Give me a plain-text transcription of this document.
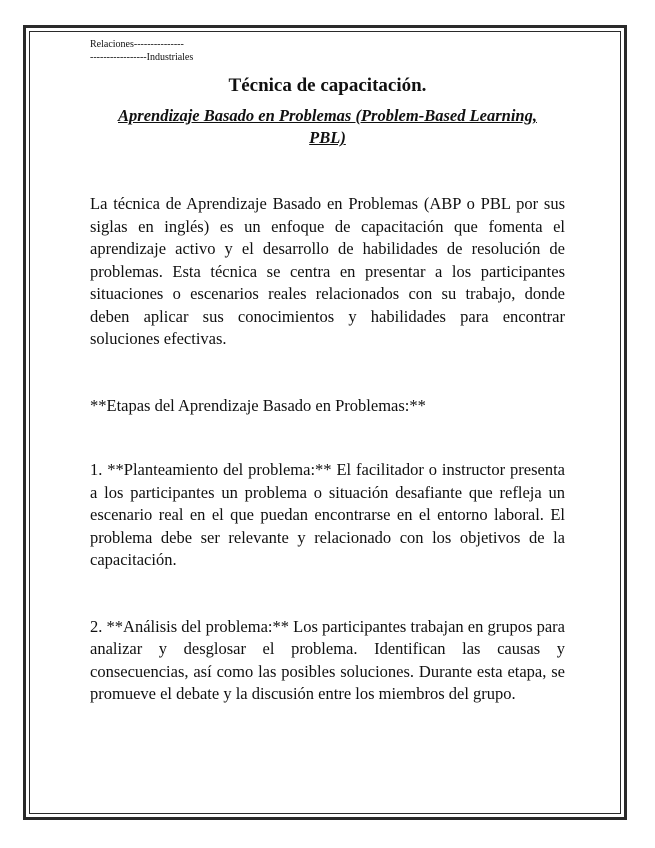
Relaciones---------------
-----------------Industriales
Técnica de capacitación.
Aprendizaje Basado en Problemas (Problem-Based Learning, PBL)
La técnica de Aprendizaje Basado en Problemas (ABP o PBL por sus siglas en inglés) es un enfoque de capacitación que fomenta el aprendizaje activo y el desarrollo de habilidades de resolución de problemas. Esta técnica se centra en presentar a los participantes situaciones o escenarios reales relacionados con su trabajo, donde deben aplicar sus conocimientos y habilidades para encontrar soluciones efectivas.
**Etapas del Aprendizaje Basado en Problemas:**
1. **Planteamiento del problema:** El facilitador o instructor presenta a los participantes un problema o situación desafiante que refleja un escenario real en el que puedan encontrarse en el entorno laboral. El problema debe ser relevante y relacionado con los objetivos de la capacitación.
2. **Análisis del problema:** Los participantes trabajan en grupos para analizar y desglosar el problema. Identifican las causas y consecuencias, así como las posibles soluciones. Durante esta etapa, se promueve el debate y la discusión entre los miembros del grupo.
